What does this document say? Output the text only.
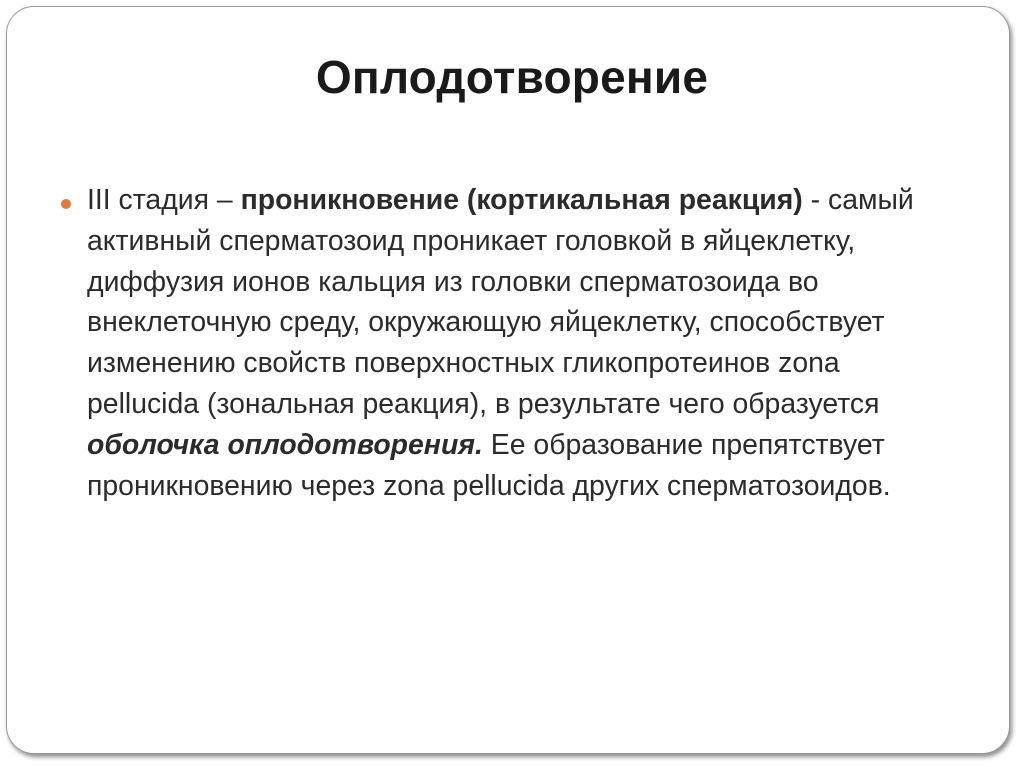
Оплодотворение

III стадия – проникновение (кортикальная реакция) - самый активный сперматозоид проникает головкой в яйцеклетку, диффузия ионов кальция из головки сперматозоида во внеклеточную среду, окружающую яйцеклетку, способствует изменению свойств поверхностных гликопротеинов zona pellucida (зональная реакция), в результате чего образуется оболочка оплодотворения. Ее образование препятствует проникновению через zona pellucida других сперматозоидов.
